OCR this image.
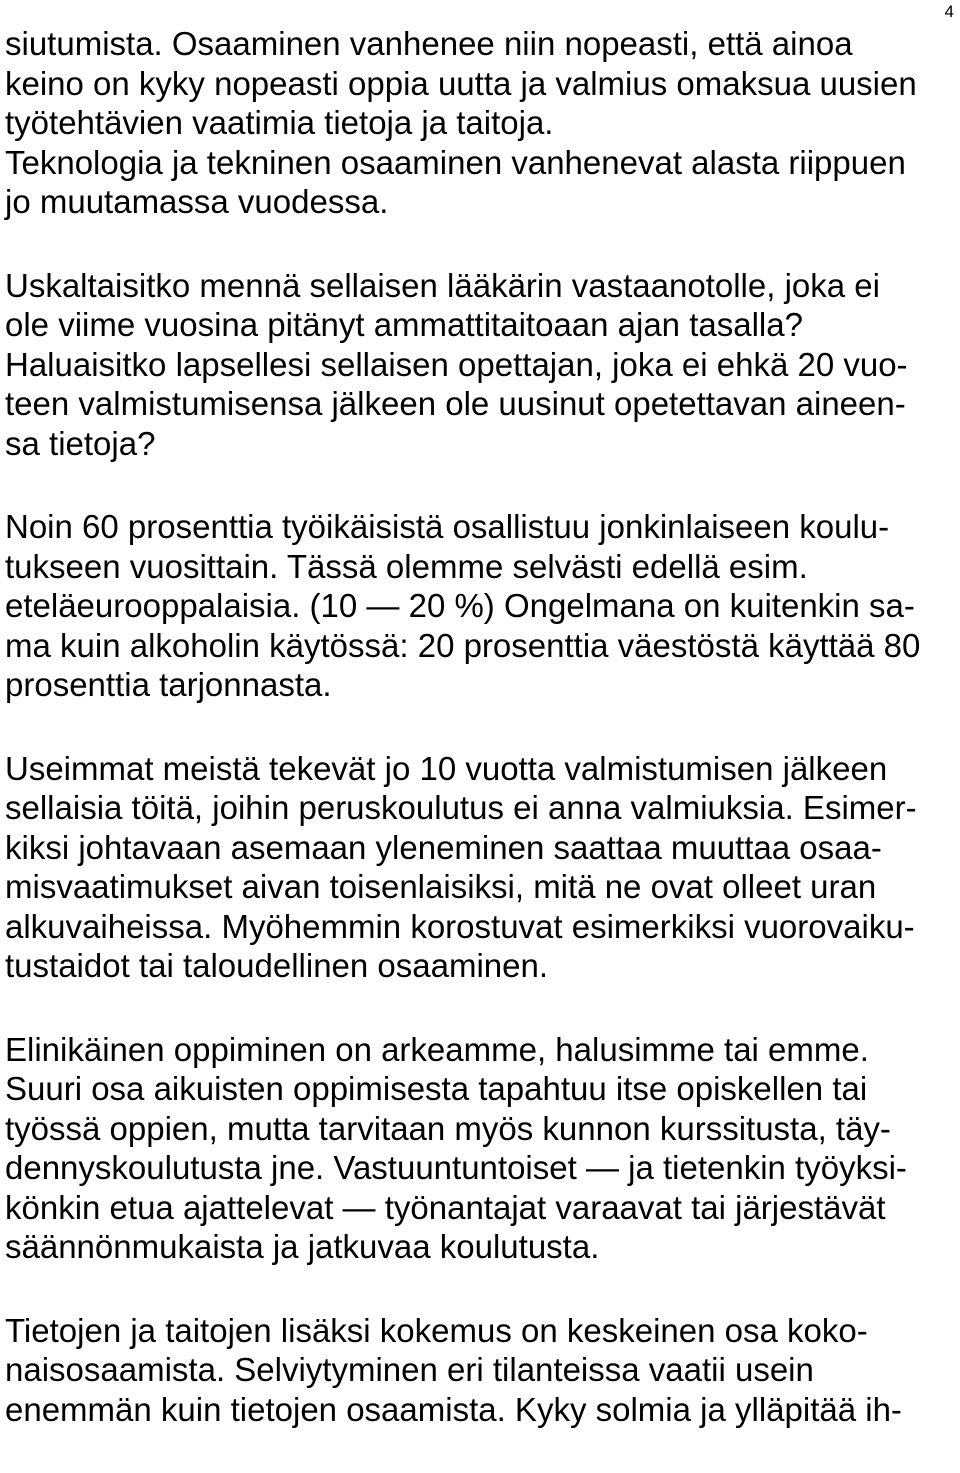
4
siutumista. Osaaminen vanhenee niin nopeasti, että ainoa
keino on kyky nopeasti oppia uutta ja valmius omaksua uusien
työtehtävien vaatimia tietoja ja taitoja.
Teknologia ja tekninen osaaminen vanhenevat alasta riippuen
jo muutamassa vuodessa.
Uskaltaisitko mennä sellaisen lääkärin vastaanotolle, joka ei
ole viime vuosina pitänyt ammattitaitoaan ajan tasalla?
Haluaisitko lapsellesi sellaisen opettajan, joka ei ehkä 20 vuo-
teen valmistumisensa jälkeen ole uusinut opetettavan aineen-
sa tietoja?
Noin 60 prosenttia työikäisistä osallistuu jonkinlaiseen koulu-
tukseen vuosittain. Tässä olemme selvästi edellä esim.
eteläeurooppalaisia. (10 — 20 %) Ongelmana on kuitenkin sa-
ma kuin alkoholin käytössä: 20 prosenttia väestöstä käyttää 80
prosenttia tarjonnasta.
Useimmat meistä tekevät jo 10 vuotta valmistumisen jälkeen
sellaisia töitä, joihin peruskoulutus ei anna valmiuksia. Esimer-
kiksi johtavaan asemaan yleneminen saattaa muuttaa osaa-
misvaatimukset aivan toisenlaisiksi, mitä ne ovat olleet uran
alkuvaiheissa. Myöhemmin korostuvat esimerkiksi vuorovaiku-
tustaidot tai taloudellinen osaaminen.
Elinikäinen oppiminen on arkeamme, halusimme tai emme.
Suuri osa aikuisten oppimisesta tapahtuu itse opiskellen tai
työssä oppien, mutta tarvitaan myös kunnon kurssitusta, täy-
dennyskoulutusta jne. Vastuuntuntoiset — ja tietenkin työyksi-
könkin etua ajattelevat — työnantajat varaavat tai järjestävät
säännönmukaista ja jatkuvaa koulutusta.
Tietojen ja taitojen lisäksi kokemus on keskeinen osa koko-
naisosaamista. Selviytyminen eri tilanteissa vaatii usein
enemmän kuin tietojen osaamista. Kyky solmia ja ylläpitää ih-
